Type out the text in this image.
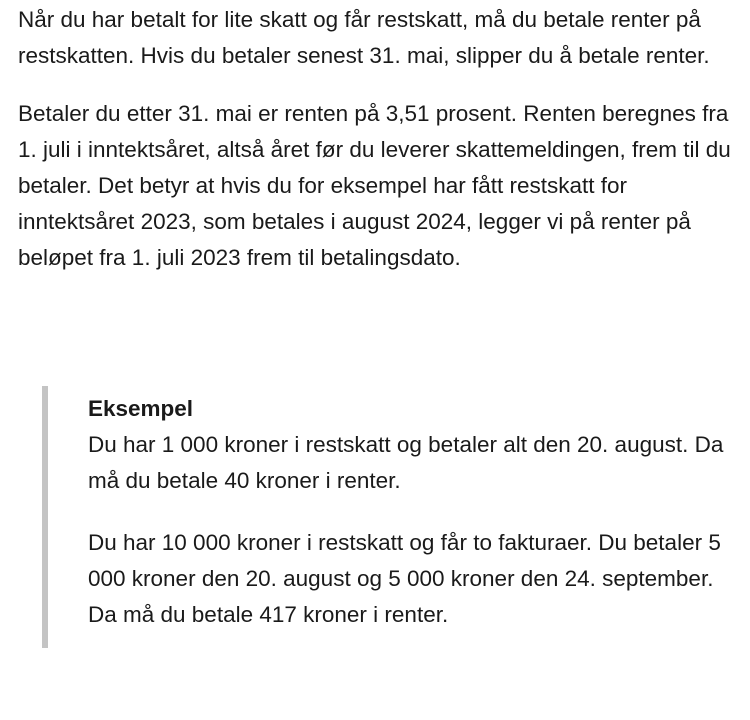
Når du har betalt for lite skatt og får restskatt, må du betale renter på restskatten. Hvis du betaler senest 31. mai, slipper du å betale renter.

Betaler du etter 31. mai er renten på 3,51 prosent. Renten beregnes fra 1. juli i inntektsåret, altså året før du leverer skattemeldingen, frem til du betaler. Det betyr at hvis du for eksempel har fått restskatt for inntektsåret 2023, som betales i august 2024, legger vi på renter på beløpet fra 1. juli 2023 frem til betalingsdato.

Eksempel

Du har 1 000 kroner i restskatt og betaler alt den 20. august. Da må du betale 40 kroner i renter.

Du har 10 000 kroner i restskatt og får to fakturaer. Du betaler 5 000 kroner den 20. august og 5 000 kroner den 24. september. Da må du betale 417 kroner i renter.
